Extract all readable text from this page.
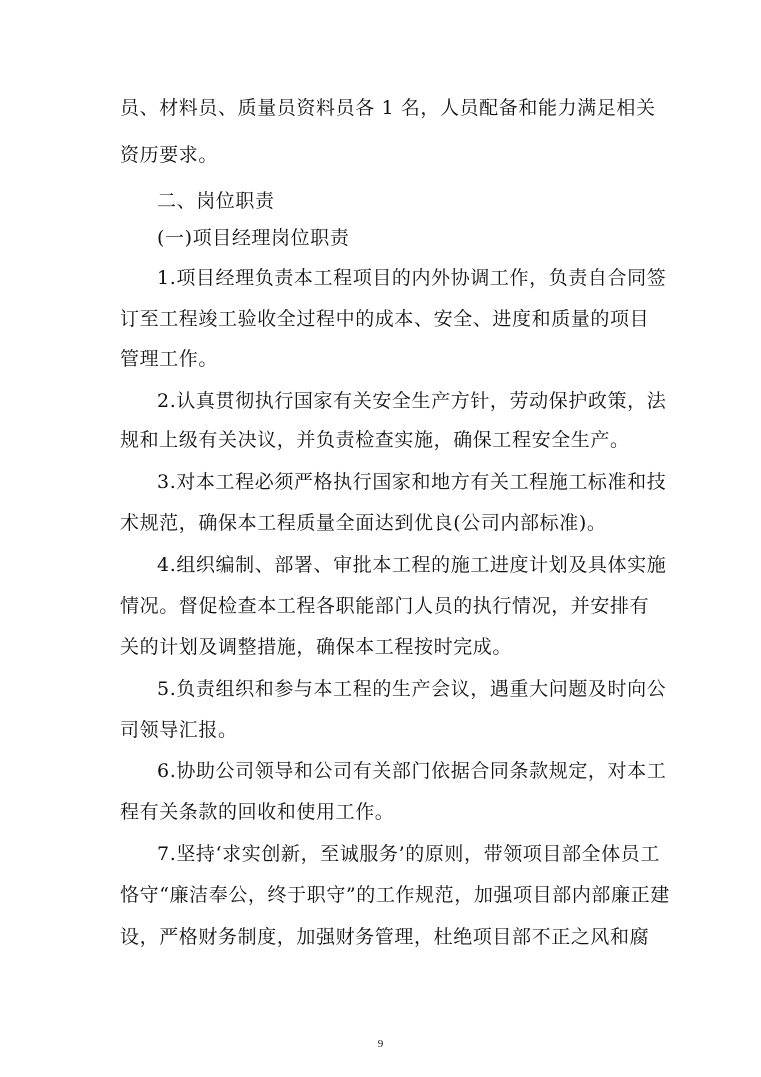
员、材料员、质量员资料员各 1 名，人员配备和能力满足相关
资历要求。
二、岗位职责
(一)项目经理岗位职责
1.项目经理负责本工程项目的内外协调工作，负责自合同签
订至工程竣工验收全过程中的成本、安全、进度和质量的项目
管理工作。
2.认真贯彻执行国家有关安全生产方针，劳动保护政策，法
规和上级有关决议，并负责检查实施，确保工程安全生产。
3.对本工程必须严格执行国家和地方有关工程施工标准和技
术规范，确保本工程质量全面达到优良(公司内部标准)。
4.组织编制、部署、审批本工程的施工进度计划及具体实施
情况。督促检查本工程各职能部门人员的执行情况，并安排有
关的计划及调整措施，确保本工程按时完成。
5.负责组织和参与本工程的生产会议，遇重大问题及时向公
司领导汇报。
6.协助公司领导和公司有关部门依据合同条款规定，对本工
程有关条款的回收和使用工作。
7.坚持‘求实创新，至诚服务’的原则，带领项目部全体员工
恪守“廉洁奉公，终于职守”的工作规范，加强项目部内部廉正建
设，严格财务制度，加强财务管理，杜绝项目部不正之风和腐
9
